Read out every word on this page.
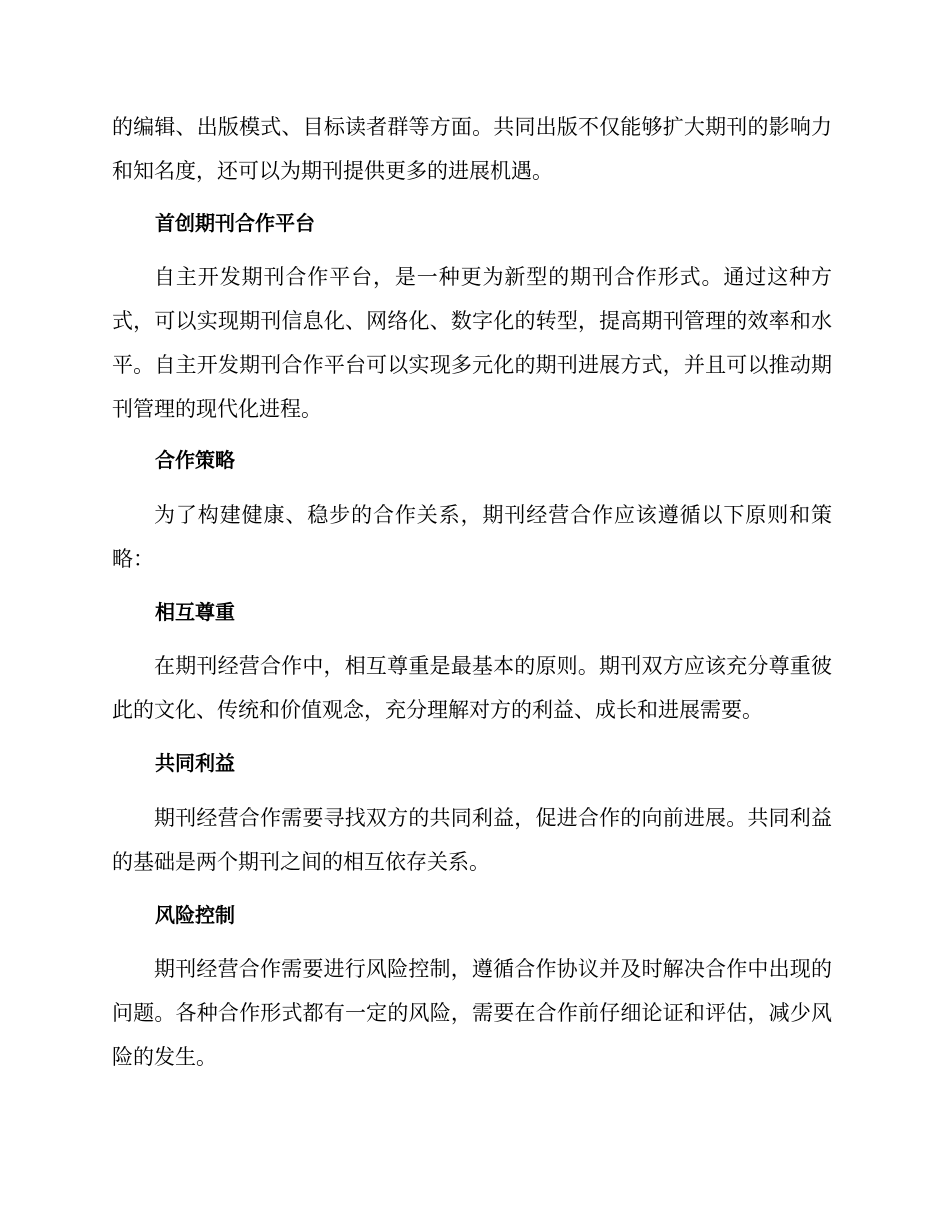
的编辑、出版模式、目标读者群等方面。共同出版不仅能够扩大期刊的影响力和知名度，还可以为期刊提供更多的进展机遇。

首创期刊合作平台

自主开发期刊合作平台，是一种更为新型的期刊合作形式。通过这种方式，可以实现期刊信息化、网络化、数字化的转型，提高期刊管理的效率和水平。自主开发期刊合作平台可以实现多元化的期刊进展方式，并且可以推动期刊管理的现代化进程。

合作策略

为了构建健康、稳步的合作关系，期刊经营合作应该遵循以下原则和策略：

相互尊重

在期刊经营合作中，相互尊重是最基本的原则。期刊双方应该充分尊重彼此的文化、传统和价值观念，充分理解对方的利益、成长和进展需要。

共同利益

期刊经营合作需要寻找双方的共同利益，促进合作的向前进展。共同利益的基础是两个期刊之间的相互依存关系。

风险控制

期刊经营合作需要进行风险控制，遵循合作协议并及时解决合作中出现的问题。各种合作形式都有一定的风险，需要在合作前仔细论证和评估，减少风险的发生。
